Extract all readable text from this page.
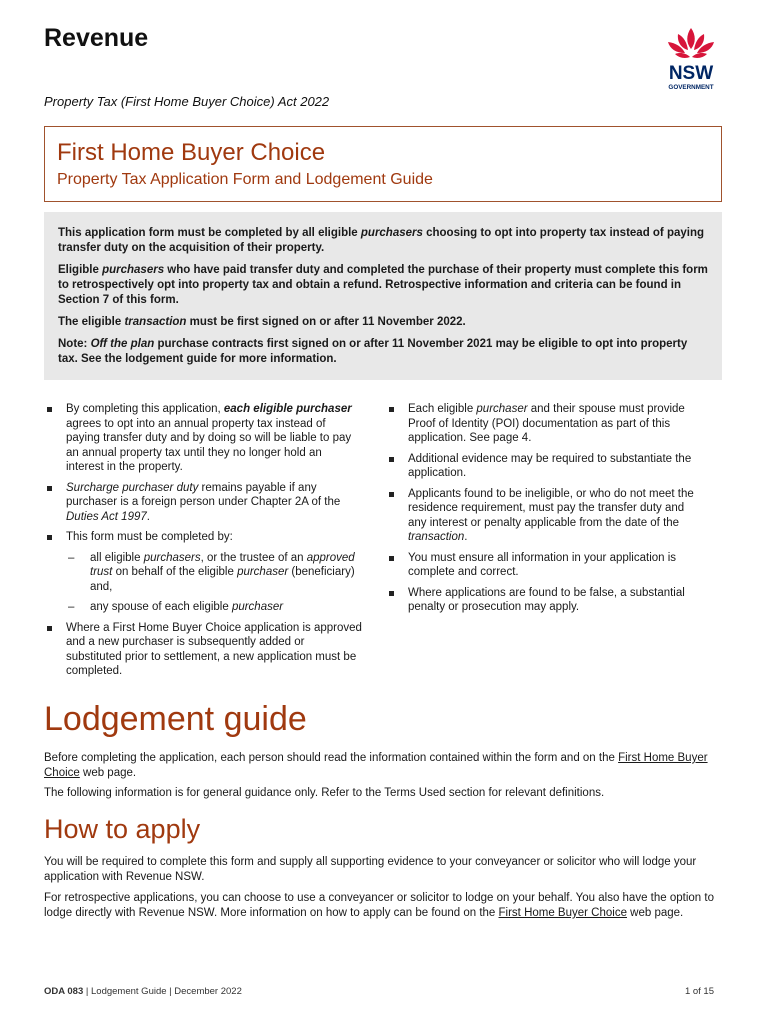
Revenue
NSW
GOVERNMENT
Property Tax (First Home Buyer Choice) Act 2022
First Home Buyer Choice
Property Tax Application Form and Lodgement Guide

This application form must be completed by all eligible purchasers choosing to opt into property tax instead of paying transfer duty on the acquisition of their property.

Eligible purchasers who have paid transfer duty and completed the purchase of their property must complete this form to retrospectively opt into property tax and obtain a refund. Retrospective information and criteria can be found in Section 7 of this form.

The eligible transaction must be first signed on or after 11 November 2022.

Note: Off the plan purchase contracts first signed on or after 11 November 2021 may be eligible to opt into property tax. See the lodgement guide for more information.

By completing this application, each eligible purchaser agrees to opt into an annual property tax instead of paying transfer duty and by doing so will be liable to pay an annual property tax until they no longer hold an interest in the property.
Surcharge purchaser duty remains payable if any purchaser is a foreign person under Chapter 2A of the Duties Act 1997.
This form must be completed by:
– all eligible purchasers, or the trustee of an approved trust on behalf of the eligible purchaser (beneficiary) and,
– any spouse of each eligible purchaser
Where a First Home Buyer Choice application is approved and a new purchaser is subsequently added or substituted prior to settlement, a new application must be completed.
Each eligible purchaser and their spouse must provide Proof of Identity (POI) documentation as part of this application. See page 4.
Additional evidence may be required to substantiate the application.
Applicants found to be ineligible, or who do not meet the residence requirement, must pay the transfer duty and any interest or penalty applicable from the date of the transaction.
You must ensure all information in your application is complete and correct.
Where applications are found to be false, a substantial penalty or prosecution may apply.
Lodgement guide
Before completing the application, each person should read the information contained within the form and on the First Home Buyer Choice web page.
The following information is for general guidance only. Refer to the Terms Used section for relevant definitions.
How to apply
You will be required to complete this form and supply all supporting evidence to your conveyancer or solicitor who will lodge your application with Revenue NSW.
For retrospective applications, you can choose to use a conveyancer or solicitor to lodge on your behalf. You also have the option to lodge directly with Revenue NSW. More information on how to apply can be found on the First Home Buyer Choice web page.
ODA 083 | Lodgement Guide | December 2022	1 of 15
